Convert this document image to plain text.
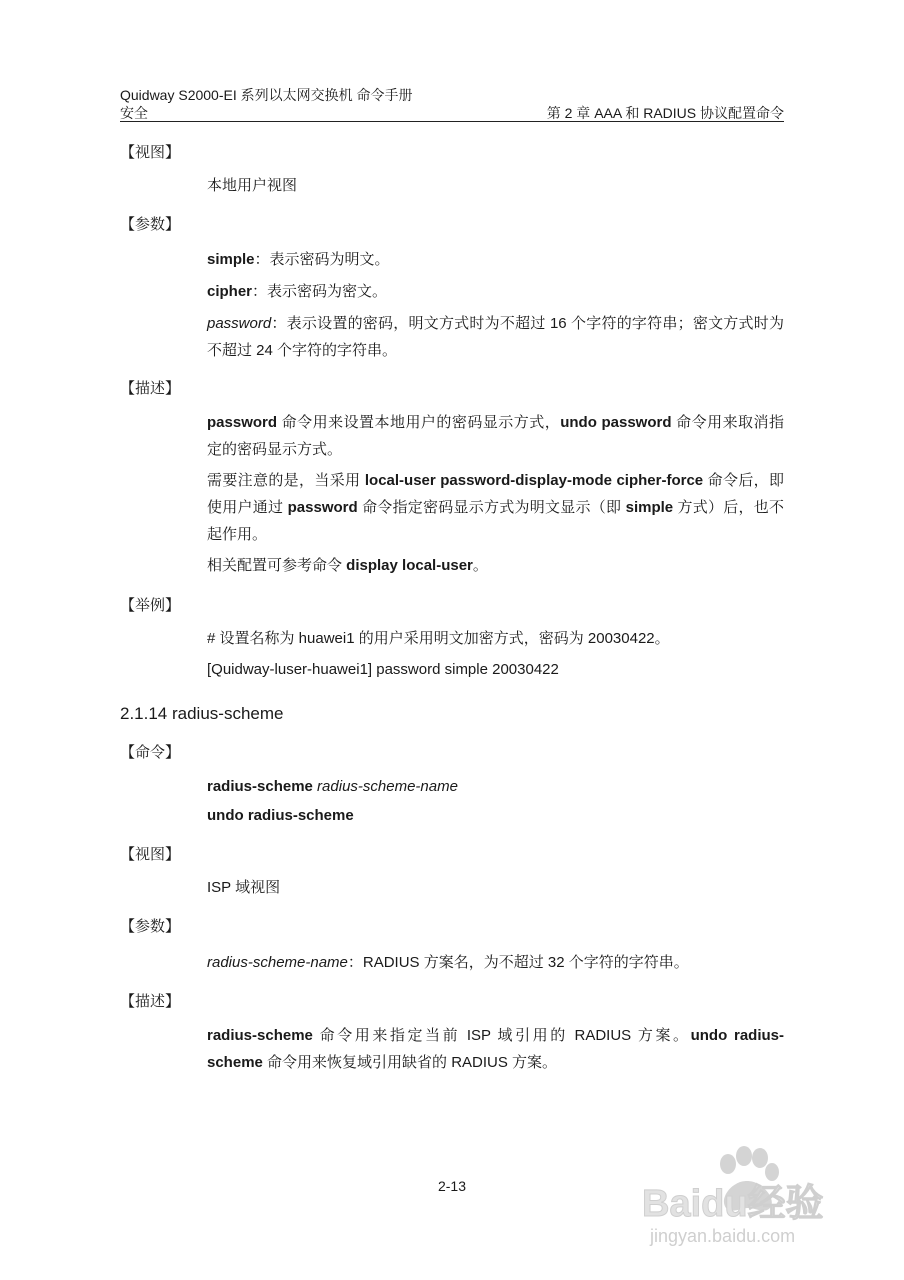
Quidway S2000-EI 系列以太网交换机 命令手册
安全	第 2 章 AAA 和 RADIUS 协议配置命令
【视图】
本地用户视图
【参数】
simple：表示密码为明文。
cipher：表示密码为密文。
password：表示设置的密码，明文方式时为不超过 16 个字符的字符串；密文方式时为不超过 24 个字符的字符串。
【描述】
password 命令用来设置本地用户的密码显示方式，undo password 命令用来取消指定的密码显示方式。
需要注意的是，当采用 local-user password-display-mode cipher-force 命令后，即使用户通过 password 命令指定密码显示方式为明文显示（即 simple 方式）后，也不起作用。
相关配置可参考命令 display local-user。
【举例】
# 设置名称为 huawei1 的用户采用明文加密方式，密码为 20030422。
[Quidway-luser-huawei1] password simple 20030422
2.1.14 radius-scheme
【命令】
radius-scheme radius-scheme-name
undo radius-scheme
【视图】
ISP 域视图
【参数】
radius-scheme-name：RADIUS 方案名，为不超过 32 个字符的字符串。
【描述】
radius-scheme 命令用来指定当前 ISP 域引用的 RADIUS 方案。undo radius-scheme 命令用来恢复域引用缺省的 RADIUS 方案。
2-13	Baidu经验
jingyan.baidu.com
